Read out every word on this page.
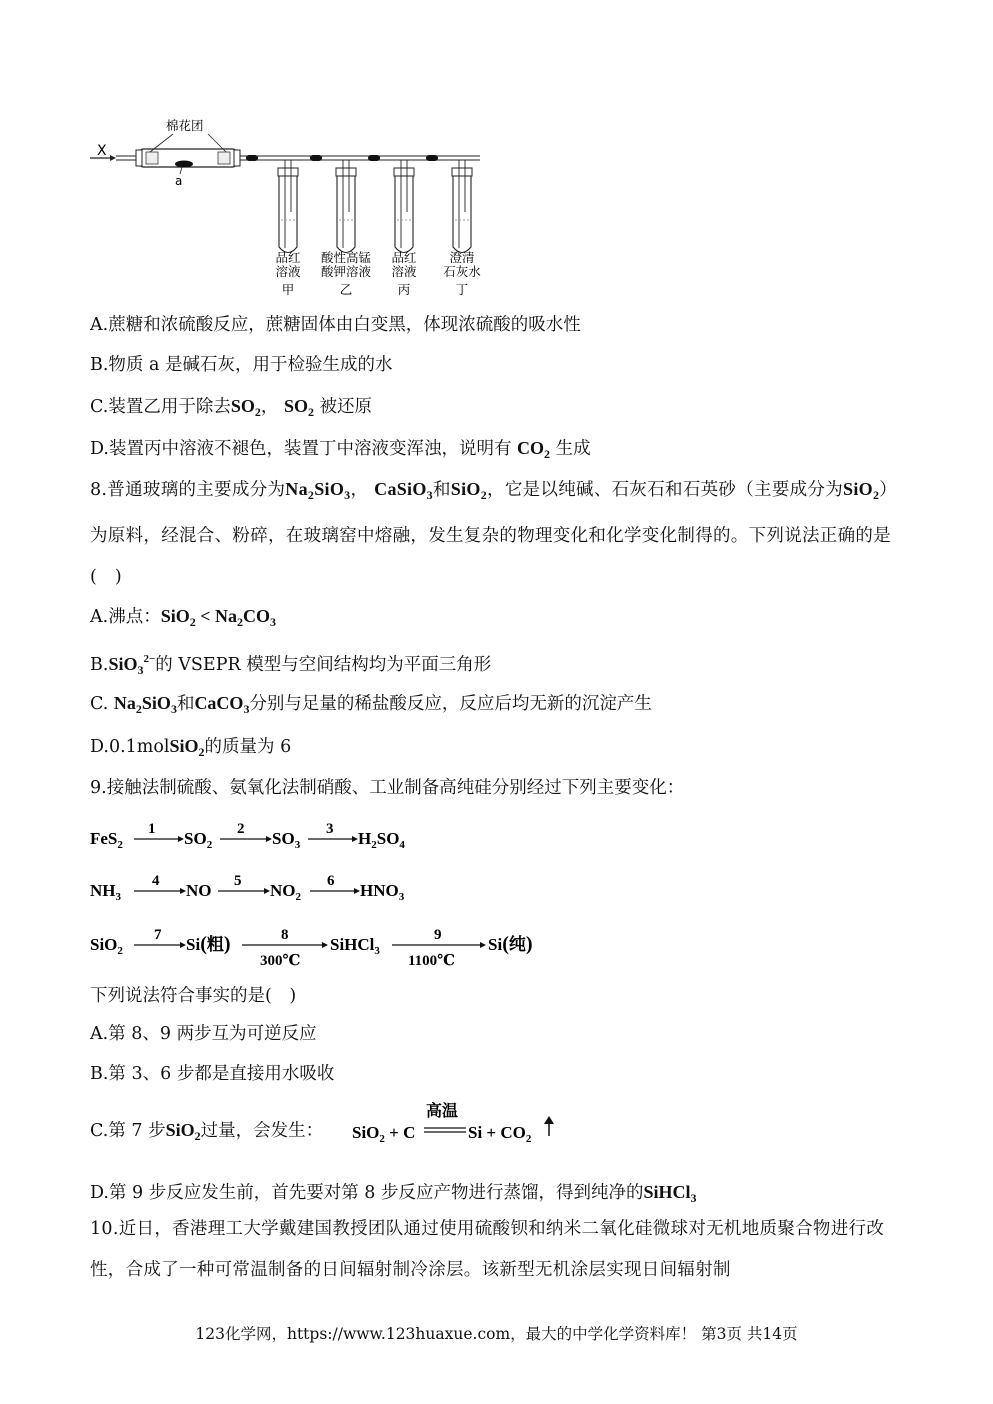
X
棉花团
a
品红
溶液
甲
酸性高锰
酸钾溶液
乙
品红
溶液
丙
澄清
石灰水
丁
A.蔗糖和浓硫酸反应，蔗糖固体由白变黑，体现浓硫酸的吸水性
B.物质 a 是碱石灰，用于检验生成的水
C.装置乙用于除去$SO_2$， $SO_2$ 被还原
D.装置丙中溶液不褪色，装置丁中溶液变浑浊，说明有 $CO_2$ 生成
8.普通玻璃的主要成分为$Na_2SiO_3$， CaSiO$_3$和SiO$_2$，它是以纯碱、石灰石和石英砂（主要成分为SiO$_2$）为原料，经混合、粉碎，在玻璃窑中熔融，发生复杂的物理变化和化学变化制得的。下列说法正确的是(　)
A.沸点：$SiO_2 < Na_2CO_3$
B.SiO$_3^{2-}$的 VSEPR 模型与空间结构均为平面三角形
C. $Na_2SiO_3$和CaCO$_3$分别与足量的稀盐酸反应，反应后均无新的沉淀产生
D.0.1molSiO$_2$的质量为 6
9.接触法制硫酸、氨氧化法制硝酸、工业制备高纯硅分别经过下列主要变化：
FeS$_2$
1 $SO_2$
2 $SO_3$
3 $H_2SO_4$
$NH_3$
4 NO 5 $NO_2$
6 $HNO_3$
SiO$_2$
7 Si(粗)	8
300℃
SiHCl$_3$
9
1100℃
Si(纯)
下列说法符合事实的是(　)
A.第 8、9 两步互为可逆反应
B.第 3、6 步都是直接用水吸收
C.第 7 步SiO$_2$过量，会发生： SiO$_2$ + C
高温
$Si + CO_2$
D.第 9 步反应发生前，首先要对第 8 步反应产物进行蒸馏，得到纯净的SiHCl$_3$
10.近日，香港理工大学戴建国教授团队通过使用硫酸钡和纳米二氧化硅微球对无机地质聚合物进行改性，合成了一种可常温制备的日间辐射制冷涂层。该新型无机涂层实现日间辐射制
123化学网，https://www.123huaxue.com，最大的中学化学资料库！ 第3页 共14页
